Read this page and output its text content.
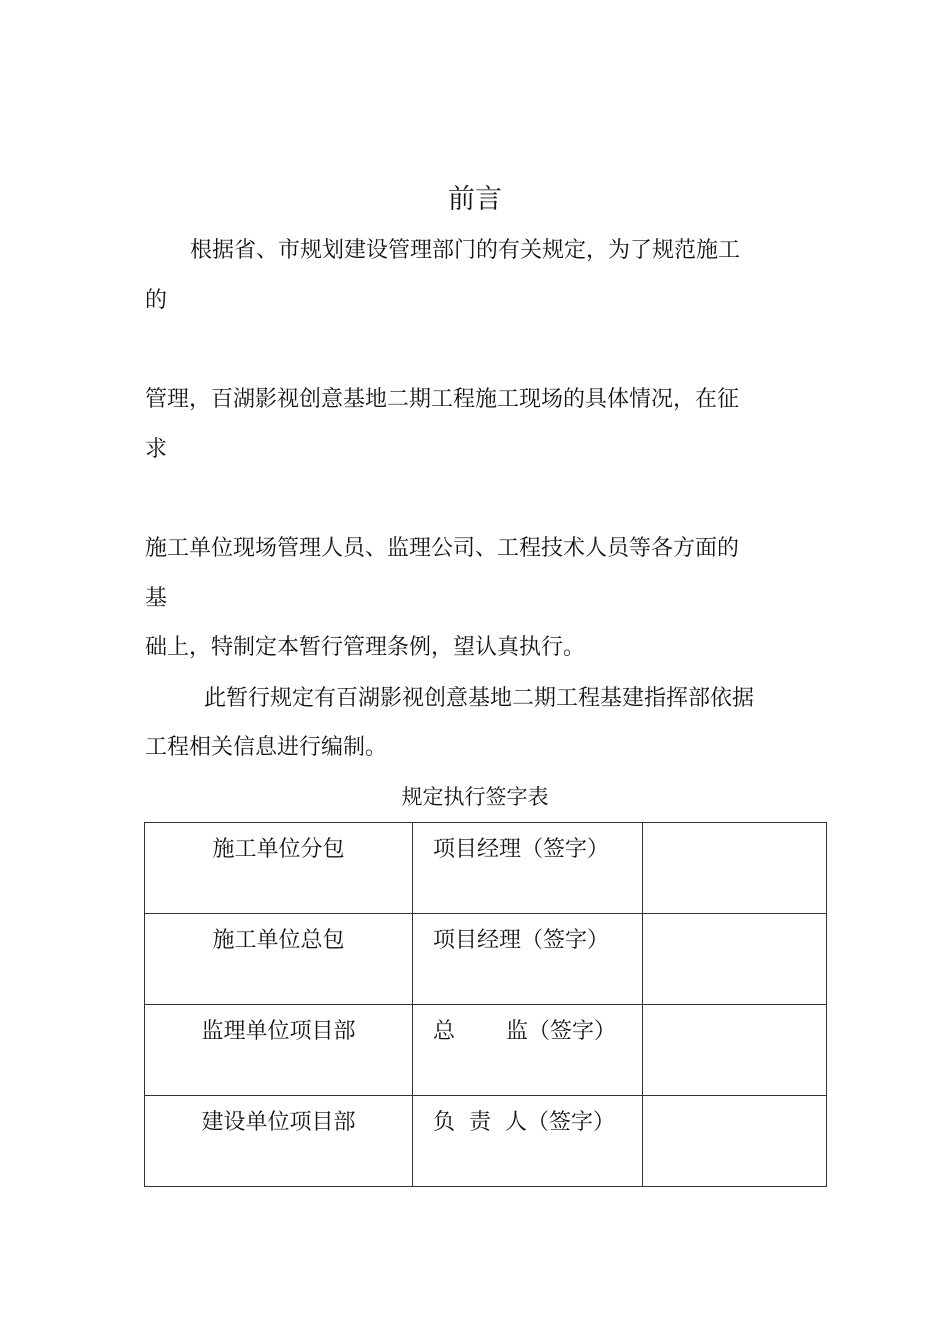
前言
根据省、市规划建设管理部门的有关规定，为了规范施工
的
管理，百湖影视创意基地二期工程施工现场的具体情况，在征
求
施工单位现场管理人员、监理公司、工程技术人员等各方面的
基
础上，特制定本暂行管理条例，望认真执行。
此暂行规定有百湖影视创意基地二期工程基建指挥部依据
工程相关信息进行编制。
规定执行签字表
施工单位分包	项目经理（签字）	

施工单位总包	项目经理（签字）	

监理单位项目部	总　　 监（签字）	

建设单位项目部	负  责  人（签字）	
